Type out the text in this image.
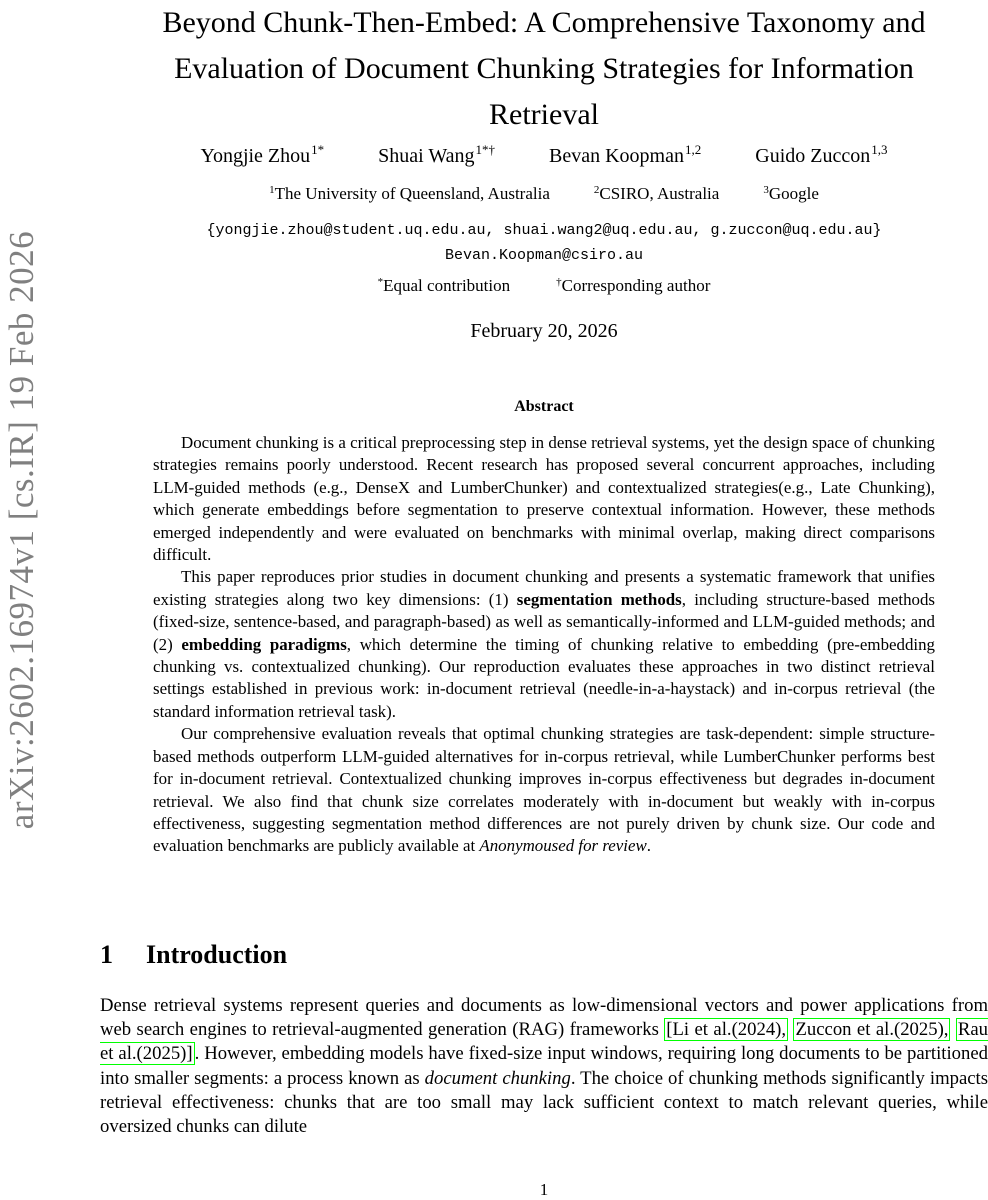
arXiv:2602.16974v1 [cs.IR] 19 Feb 2026
Beyond Chunk-Then-Embed: A Comprehensive Taxonomy and
Evaluation of Document Chunking Strategies for Information
Retrieval
Yongjie Zhou$^{1*}$	Shuai Wang$^{1*\dagger}$	Bevan Koopman$^{1,2}$	Guido Zuccon$^{1,3}$
$^1$The University of Queensland, Australia	$^2$CSIRO, Australia	$^3$Google
{yongjie.zhou@student.uq.edu.au, shuai.wang2@uq.edu.au, g.zuccon@uq.edu.au}
Bevan.Koopman@csiro.au
*Equal contribution	†Corresponding author
February 20, 2026
Abstract

Document chunking is a critical preprocessing step in dense retrieval systems, yet the design space of chunking strategies remains poorly understood. Recent research has proposed several concurrent approaches, including LLM-guided methods (e.g., DenseX and LumberChunker) and contextualized strategies(e.g., Late Chunking), which generate embeddings before segmentation to preserve contextual information. However, these methods emerged independently and were evaluated on benchmarks with minimal overlap, making direct comparisons difficult.

This paper reproduces prior studies in document chunking and presents a systematic framework that unifies existing strategies along two key dimensions: (1) segmentation methods, including structure-based methods (fixed-size, sentence-based, and paragraph-based) as well as semantically-informed and LLM-guided methods; and (2) embedding paradigms, which determine the timing of chunking relative to embedding (pre-embedding chunking vs. contextualized chunking). Our reproduction evaluates these approaches in two distinct retrieval settings established in previous work: in-document retrieval (needle-in-a-haystack) and in-corpus retrieval (the standard information retrieval task).

Our comprehensive evaluation reveals that optimal chunking strategies are task-dependent: simple structure-based methods outperform LLM-guided alternatives for in-corpus retrieval, while LumberChunker performs best for in-document retrieval. Contextualized chunking improves in-corpus effectiveness but degrades in-document retrieval. We also find that chunk size correlates moderately with in-document but weakly with in-corpus effectiveness, suggesting segmentation method differences are not purely driven by chunk size. Our code and evaluation benchmarks are publicly available at Anonymoused for review.

1 Introduction

Dense retrieval systems represent queries and documents as low-dimensional vectors and power applications from web search engines to retrieval-augmented generation (RAG) frameworks [Li et al.(2024), Zuccon et al.(2025), Rau et al.(2025)] . However, embedding models have fixed-size input windows, requiring long documents to be partitioned into smaller segments: a process known as document chunking. The choice of chunking methods significantly impacts retrieval effectiveness: chunks that are too small may lack sufficient context to match relevant queries, while oversized chunks can dilute

1
